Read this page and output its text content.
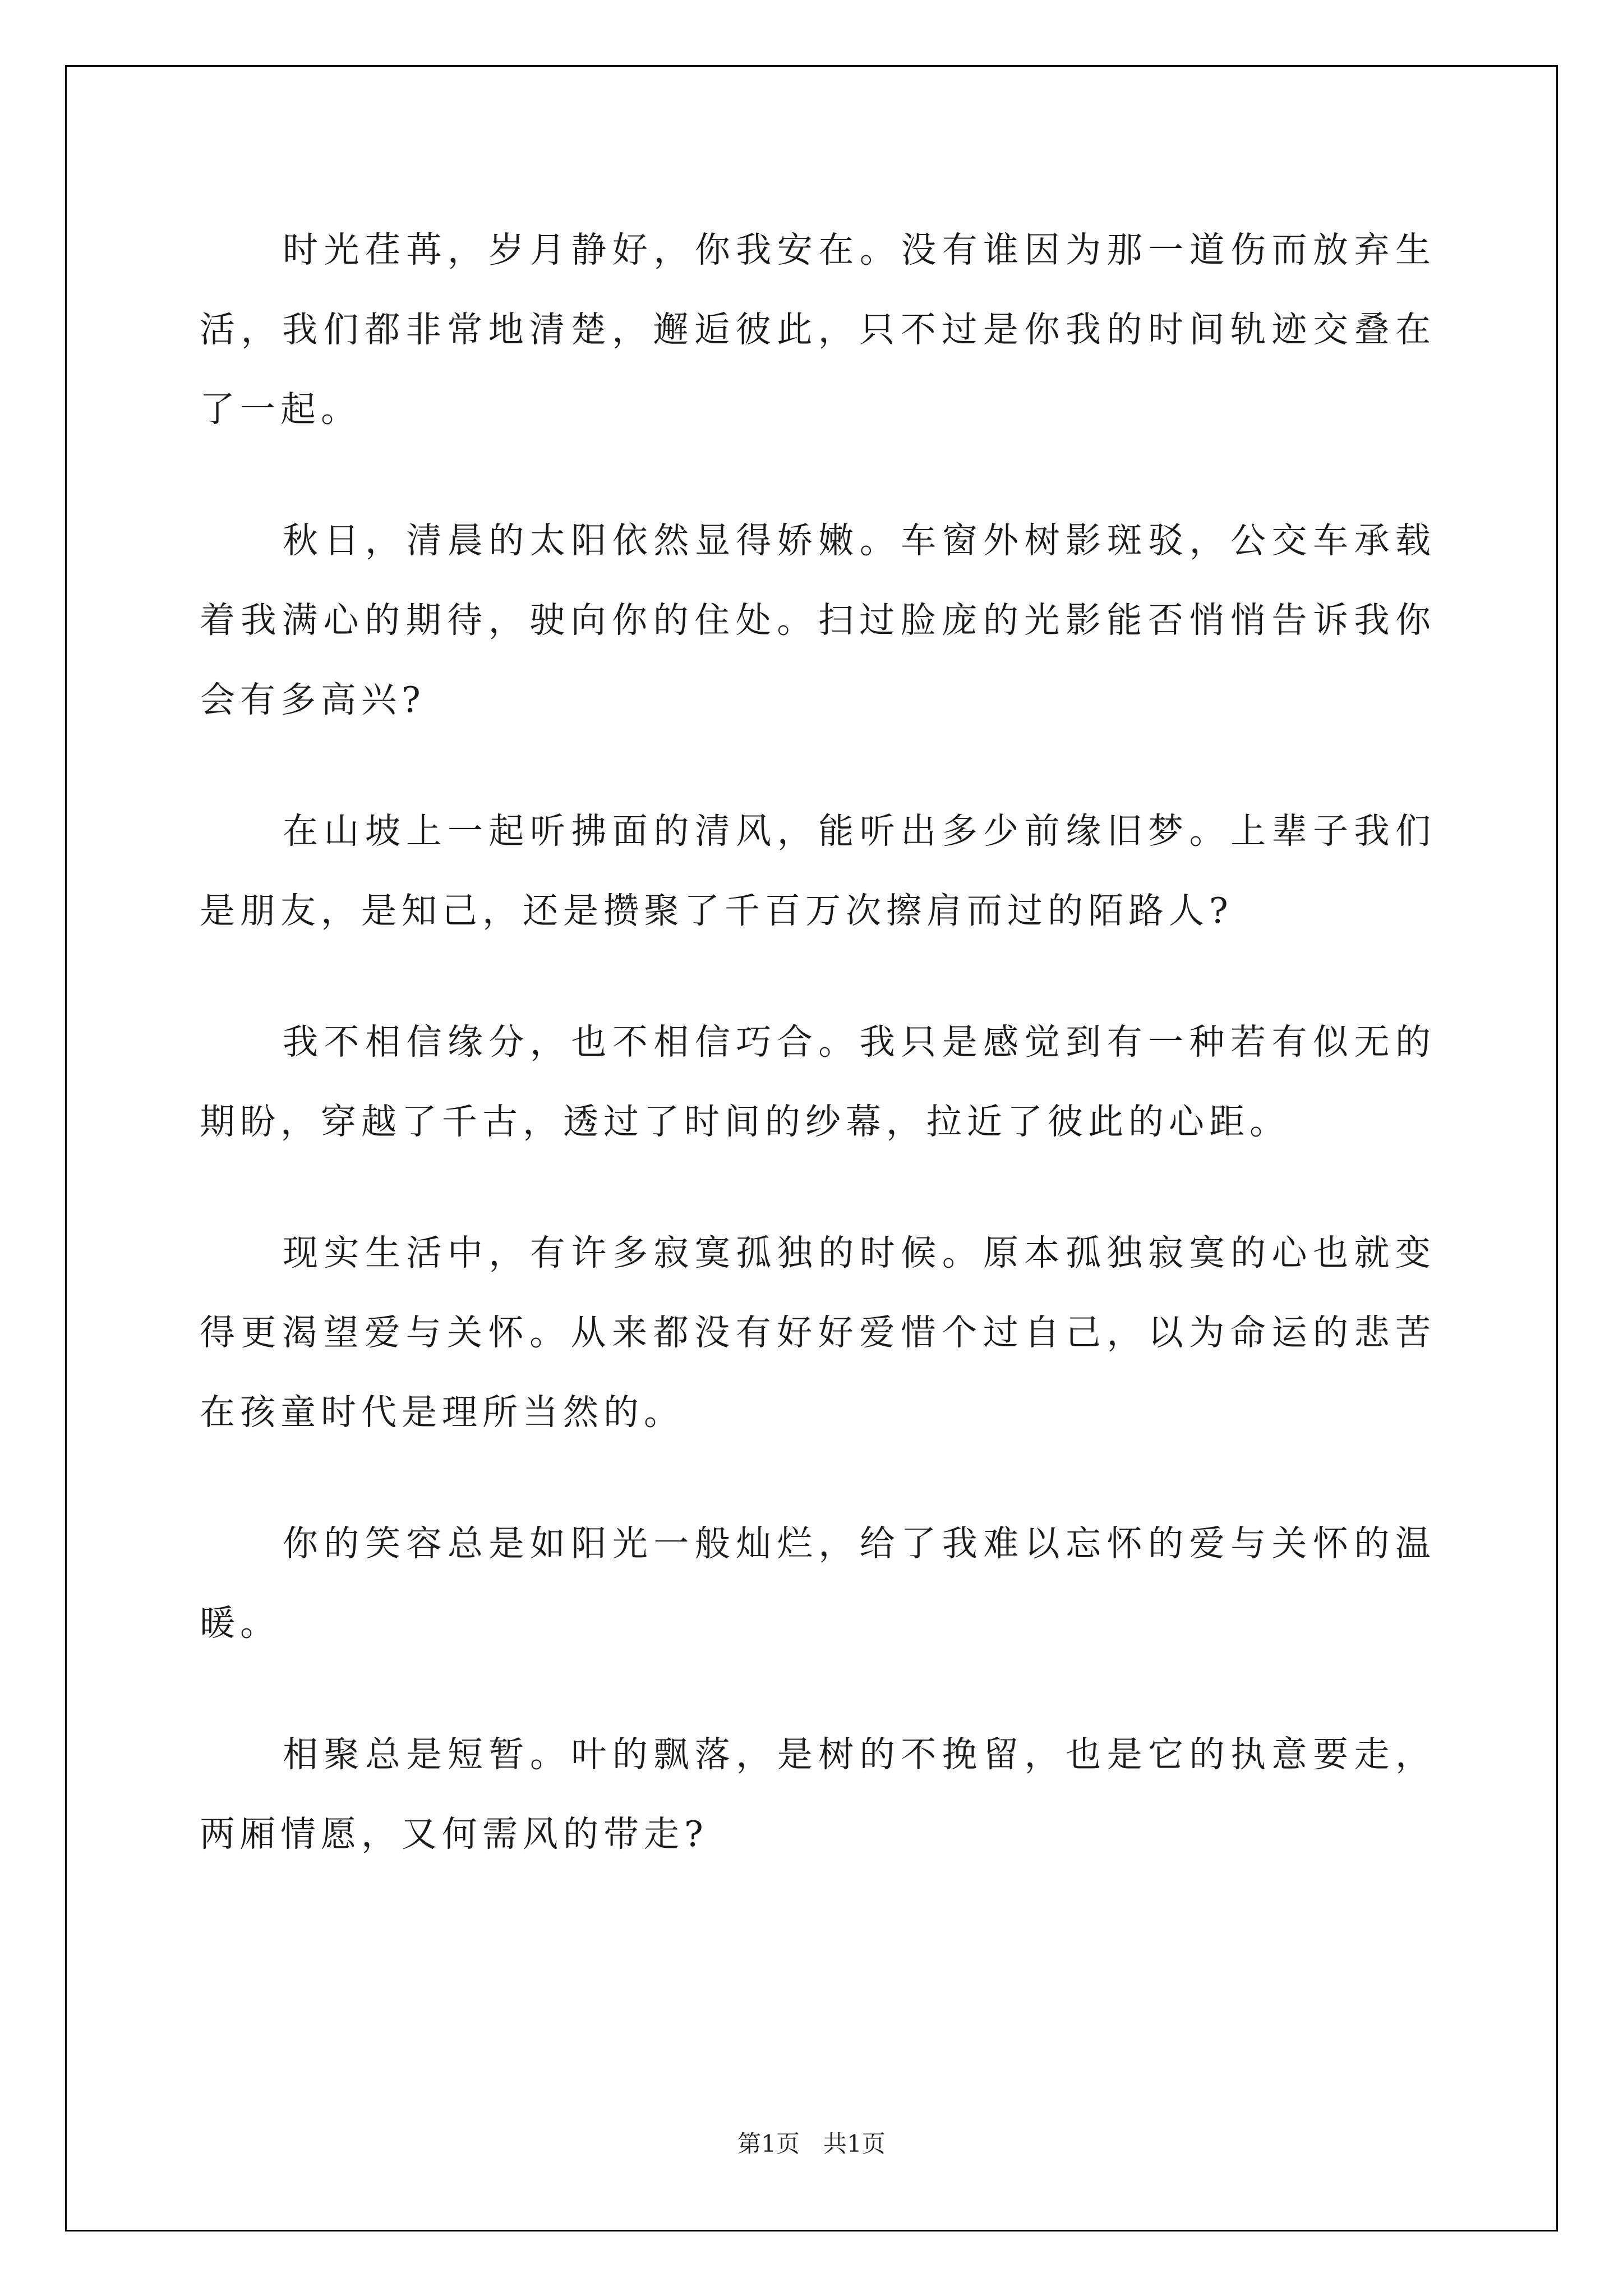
时光荏苒，岁月静好，你我安在。没有谁因为那一道伤而放弃生活，我们都非常地清楚，邂逅彼此，只不过是你我的时间轨迹交叠在了一起。

秋日，清晨的太阳依然显得娇嫩。车窗外树影斑驳，公交车承载着我满心的期待，驶向你的住处。扫过脸庞的光影能否悄悄告诉我你会有多高兴?

在山坡上一起听拂面的清风，能听出多少前缘旧梦。上辈子我们是朋友，是知己，还是攒聚了千百万次擦肩而过的陌路人?

我不相信缘分，也不相信巧合。我只是感觉到有一种若有似无的期盼，穿越了千古，透过了时间的纱幕，拉近了彼此的心距。

现实生活中，有许多寂寞孤独的时候。原本孤独寂寞的心也就变得更渴望爱与关怀。从来都没有好好爱惜个过自己，以为命运的悲苦在孩童时代是理所当然的。

你的笑容总是如阳光一般灿烂，给了我难以忘怀的爱与关怀的温暖。

相聚总是短暂。叶的飘落，是树的不挽留，也是它的执意要走，两厢情愿，又何需风的带走?

第1页　共1页
